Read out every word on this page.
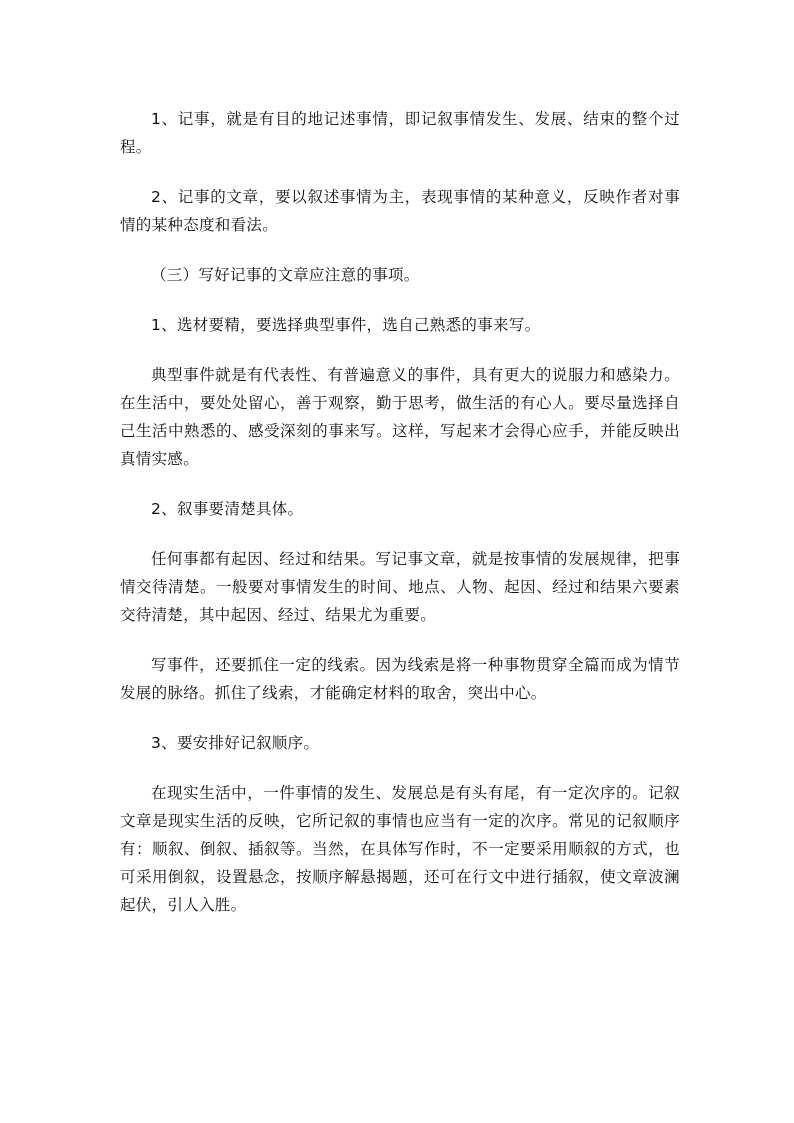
1、记事，就是有目的地记述事情，即记叙事情发生、发展、结束的整个过程。

2、记事的文章，要以叙述事情为主，表现事情的某种意义，反映作者对事情的某种态度和看法。

（三）写好记事的文章应注意的事项。

1、选材要精，要选择典型事件，选自己熟悉的事来写。

典型事件就是有代表性、有普遍意义的事件，具有更大的说服力和感染力。在生活中，要处处留心，善于观察，勤于思考，做生活的有心人。要尽量选择自己生活中熟悉的、感受深刻的事来写。这样，写起来才会得心应手，并能反映出真情实感。

2、叙事要清楚具体。

任何事都有起因、经过和结果。写记事文章，就是按事情的发展规律，把事情交待清楚。一般要对事情发生的时间、地点、人物、起因、经过和结果六要素交待清楚，其中起因、经过、结果尤为重要。

写事件，还要抓住一定的线索。因为线索是将一种事物贯穿全篇而成为情节发展的脉络。抓住了线索，才能确定材料的取舍，突出中心。

3、要安排好记叙顺序。

在现实生活中，一件事情的发生、发展总是有头有尾，有一定次序的。记叙文章是现实生活的反映，它所记叙的事情也应当有一定的次序。常见的记叙顺序有：顺叙、倒叙、插叙等。当然，在具体写作时，不一定要采用顺叙的方式，也可采用倒叙，设置悬念，按顺序解悬揭题，还可在行文中进行插叙，使文章波澜起伏，引人入胜。
